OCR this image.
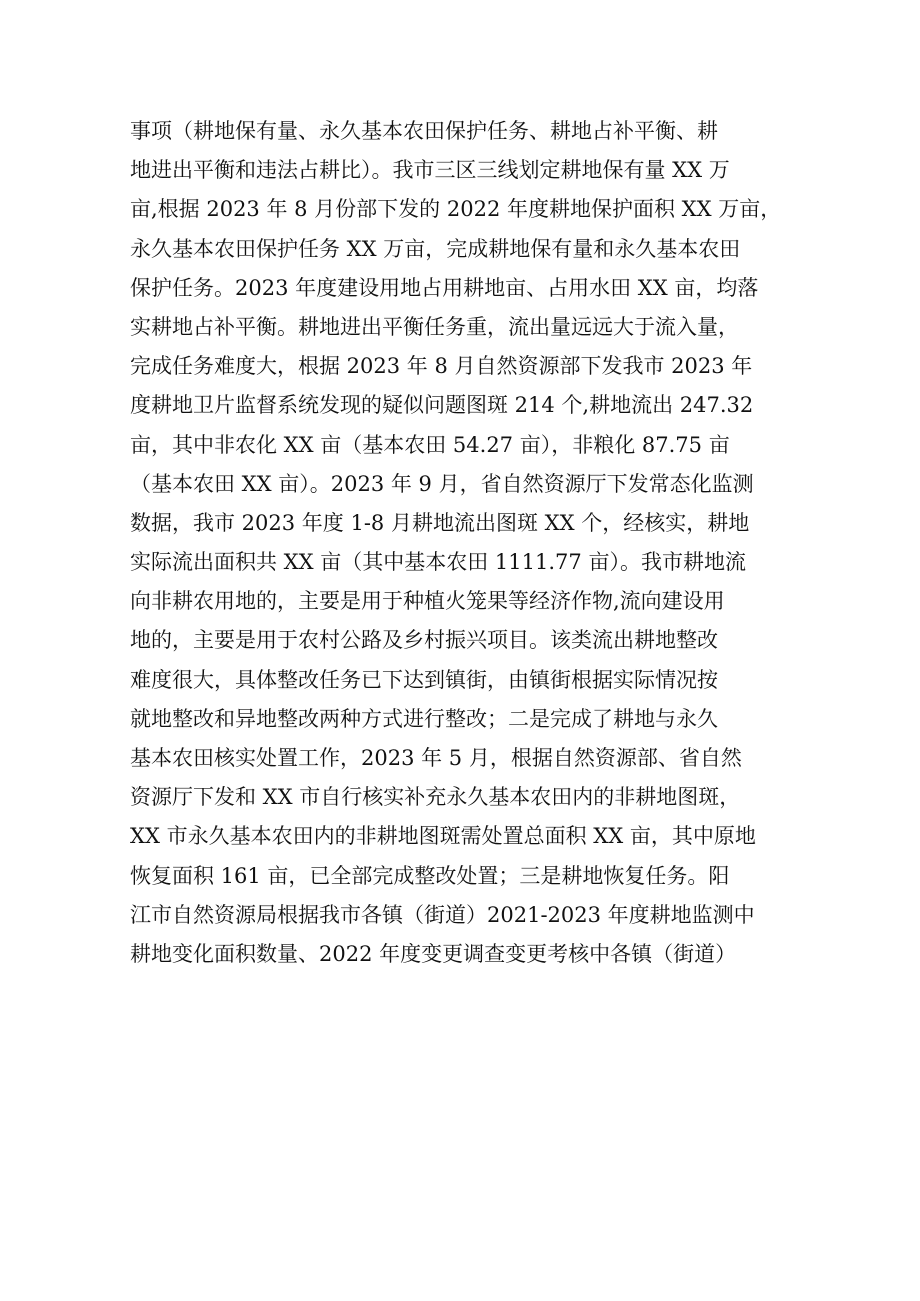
事项（耕地保有量、永久基本农田保护任务、耕地占补平衡、耕
地进出平衡和违法占耕比）。我市三区三线划定耕地保有量 XX 万
亩,根据 2023 年 8 月份部下发的 2022 年度耕地保护面积 XX 万亩，
永久基本农田保护任务 XX 万亩，完成耕地保有量和永久基本农田
保护任务。2023 年度建设用地占用耕地亩、占用水田 XX 亩，均落
实耕地占补平衡。耕地进出平衡任务重，流出量远远大于流入量，
完成任务难度大，根据 2023 年 8 月自然资源部下发我市 2023 年
度耕地卫片监督系统发现的疑似问题图斑 214 个,耕地流出 247.32
亩，其中非农化 XX 亩（基本农田 54.27 亩），非粮化 87.75 亩
（基本农田 XX 亩）。2023 年 9 月，省自然资源厅下发常态化监测
数据，我市 2023 年度 1-8 月耕地流出图斑 XX 个，经核实，耕地
实际流出面积共 XX 亩（其中基本农田 1111.77 亩）。我市耕地流
向非耕农用地的，主要是用于种植火笼果等经济作物,流向建设用
地的，主要是用于农村公路及乡村振兴项目。该类流出耕地整改
难度很大，具体整改任务已下达到镇街，由镇街根据实际情况按
就地整改和异地整改两种方式进行整改；二是完成了耕地与永久
基本农田核实处置工作，2023 年 5 月，根据自然资源部、省自然
资源厅下发和 XX 市自行核实补充永久基本农田内的非耕地图斑，
XX 市永久基本农田内的非耕地图斑需处置总面积 XX 亩，其中原地
恢复面积 161 亩，已全部完成整改处置；三是耕地恢复任务。阳
江市自然资源局根据我市各镇（街道）2021-2023 年度耕地监测中
耕地变化面积数量、2022 年度变更调查变更考核中各镇（街道）
